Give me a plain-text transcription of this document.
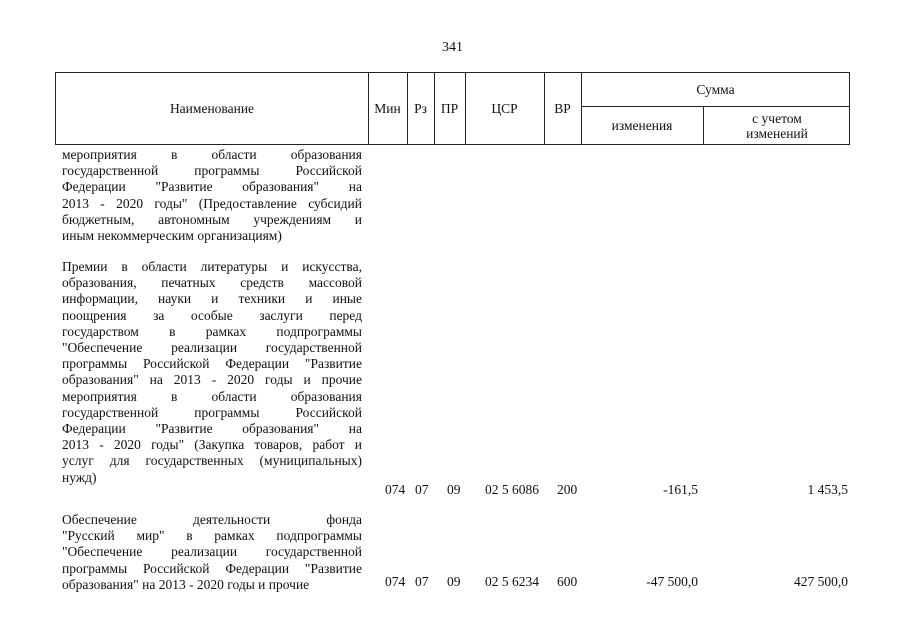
341
Наименование	Мин Рз	ПР	ЦСР	ВР
Сумма
изменения	с учетом изменений
мероприятия в области образования
государственной программы Российской
Федерации "Развитие образования" на
2013 - 2020 годы" (Предоставление субсидий
бюджетным, автономным учреждениям и
иным некоммерческим организациям)
Премии в области литературы и искусства,
образования, печатных средств массовой
информации, науки и техники и иные
поощрения за особые заслуги перед
государством в рамках подпрограммы
"Обеспечение реализации государственной
программы Российской Федерации "Развитие
образования" на 2013 - 2020 годы и прочие
мероприятия в области образования
государственной программы Российской
Федерации "Развитие образования" на
2013 - 2020 годы" (Закупка товаров, работ и
услуг для государственных (муниципальных)
нужд)
074 07 09 02 5 6086 200	-161,5	1 453,5
Обеспечение деятельности фонда
"Русский мир" в рамках подпрограммы
"Обеспечение реализации государственной
программы Российской Федерации "Развитие
образования" на 2013 - 2020 годы и прочие	074 07 09 02 5 6234 600	-47 500,0	427 500,0
